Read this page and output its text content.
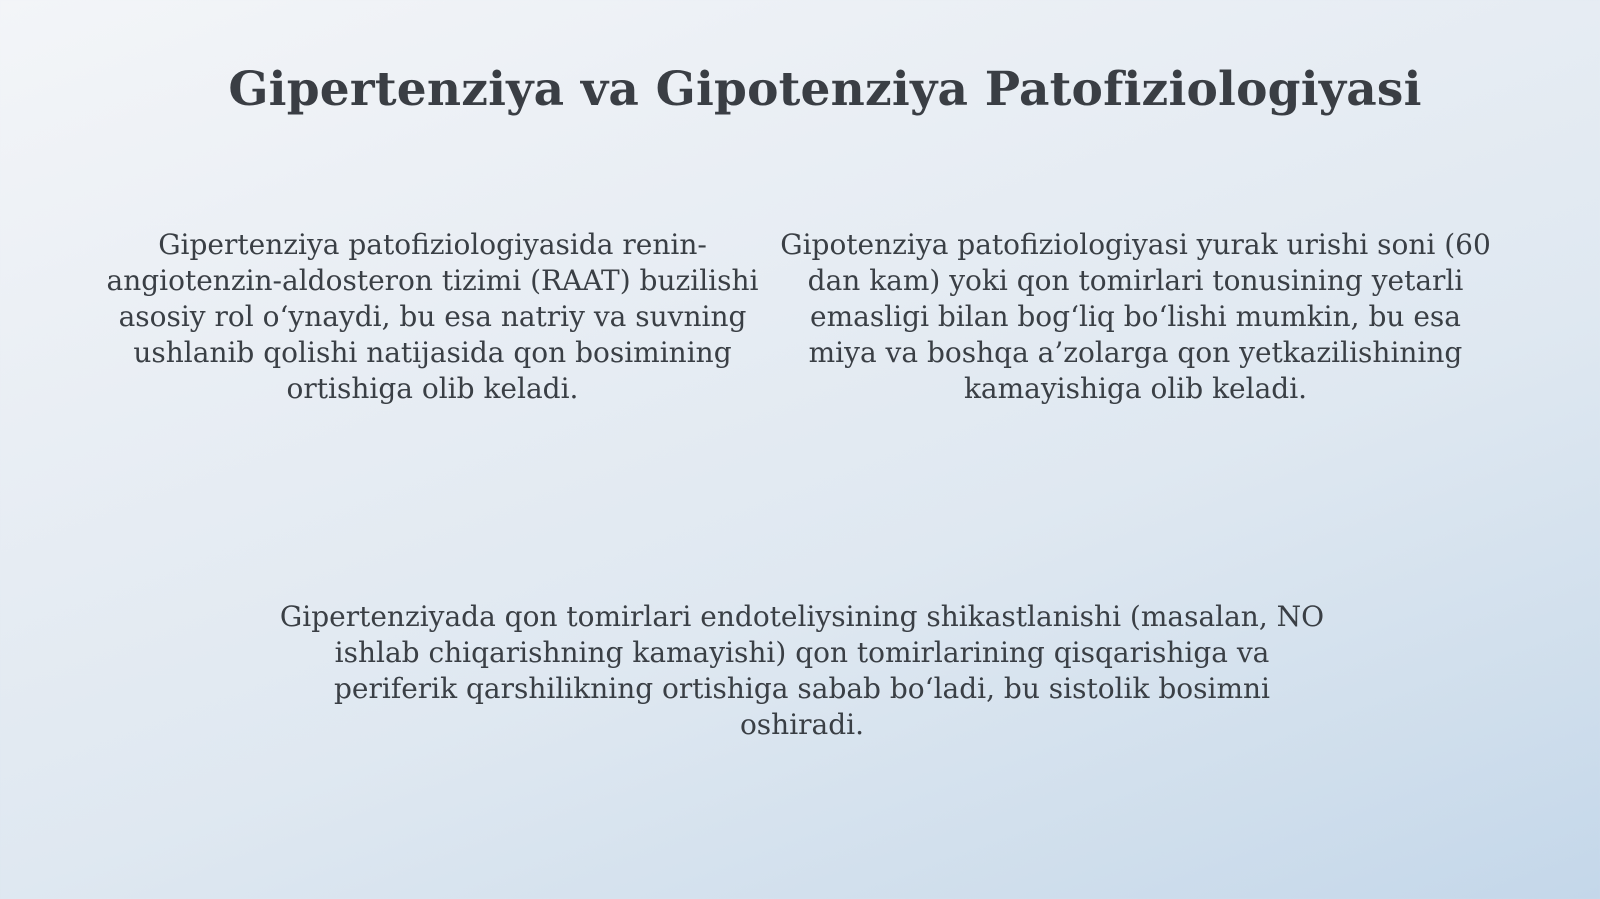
Gipertenziya va Gipotenziya Patofiziologiyasi

Gipertenziya patofiziologiyasida renin-angiotenzin-aldosteron tizimi (RAAT) buzilishi asosiy rol o‘ynaydi, bu esa natriy va suvning ushlanib qolishi natijasida qon bosimining ortishiga olib keladi.

Gipotenziya patofiziologiyasi yurak urishi soni (60 dan kam) yoki qon tomirlari tonusining yetarli emasligi bilan bog‘liq bo‘lishi mumkin, bu esa miya va boshqa a’zolarga qon yetkazilishining kamayishiga olib keladi.

Gipertenziyada qon tomirlari endoteliysining shikastlanishi (masalan, NO ishlab chiqarishning kamayishi) qon tomirlarining qisqarishiga va periferik qarshilikning ortishiga sabab bo‘ladi, bu sistolik bosimni oshiradi.
